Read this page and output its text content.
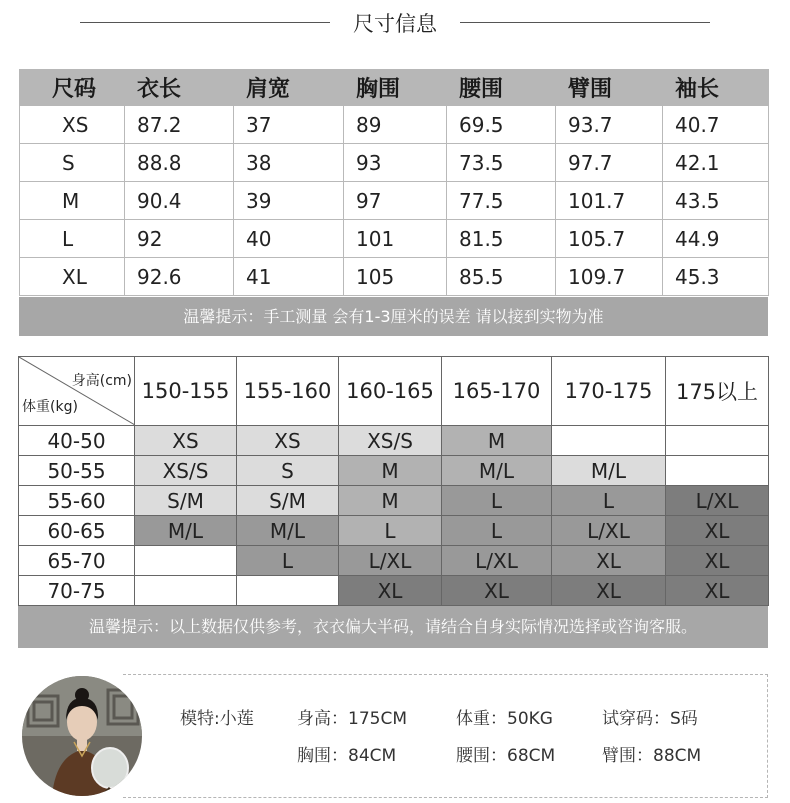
尺寸信息
尺码	衣长	肩宽	胸围	腰围	臂围	袖长
XS	87.2	37	89	69.5	93.7	40.7
S	88.8	38	93	73.5	97.7	42.1
M	90.4	39	97	77.5	101.7	43.5
L	92	40	101	81.5	105.7	44.9
XL	92.6	41	105	85.5	109.7	45.3
温馨提示：手工测量 会有1-3厘米的误差 请以接到实物为准
身高(cm)
体重(kg)	150-155	155-160	160-165	165-170	170-175	175以上
40-50	XS	XS	XS/S	M		
50-55	XS/S	S	M	M/L	M/L	
55-60	S/M	S/M	M	L	L	L/XL
60-65	M/L	M/L	L	L	L/XL	XL
65-70		L	L/XL	L/XL	XL	XL
70-75			XL	XL	XL	XL
温馨提示：以上数据仅供参考，衣衣偏大半码，请结合自身实际情况选择或咨询客服。
模特:小莲	身高：175CM	体重：50KG	试穿码：S码
胸围：84CM	腰围：68CM	臂围：88CM
